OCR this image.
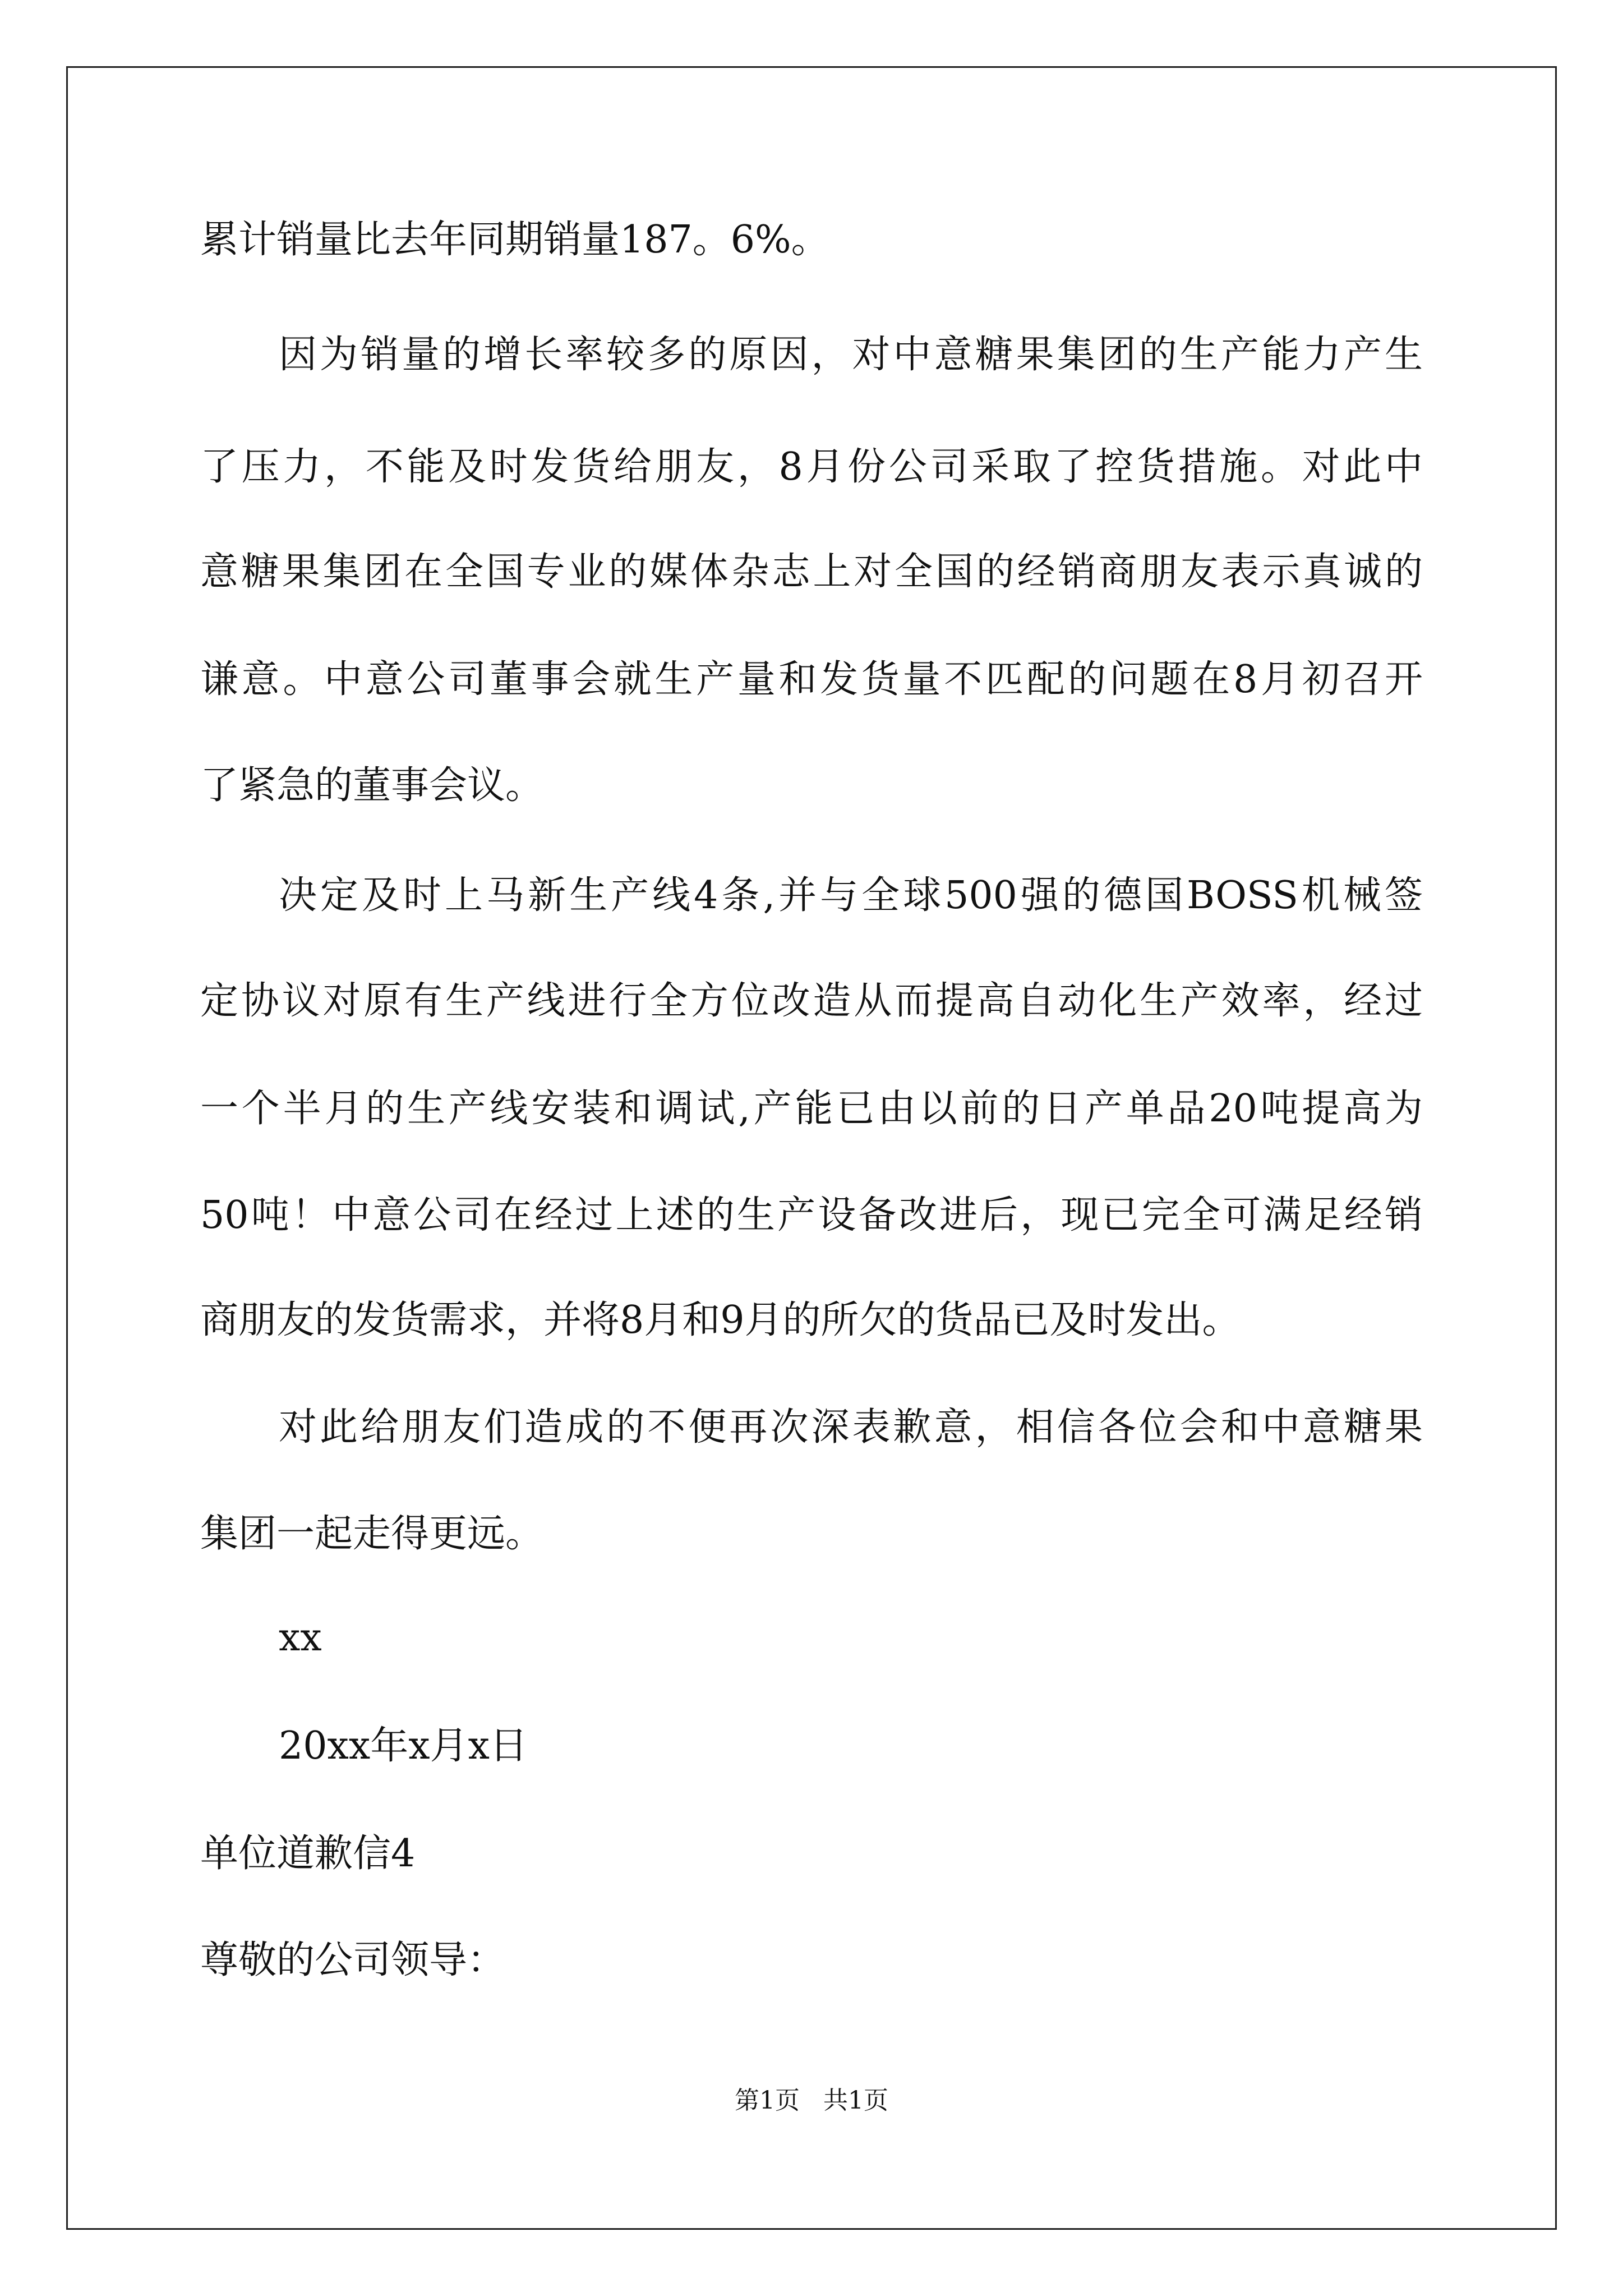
累计销量比去年同期销量187。6%。
因为销量的增长率较多的原因，对中意糖果集团的生产能力产生
了压力，不能及时发货给朋友，8月份公司采取了控货措施。对此中
意糖果集团在全国专业的媒体杂志上对全国的经销商朋友表示真诚的
谦意。中意公司董事会就生产量和发货量不匹配的问题在8月初召开
了紧急的董事会议。
决定及时上马新生产线4条,并与全球500强的德国BOSS机械签
定协议对原有生产线进行全方位改造从而提高自动化生产效率，经过
一个半月的生产线安装和调试,产能已由以前的日产单品20吨提高为
50吨！中意公司在经过上述的生产设备改进后，现已完全可满足经销
商朋友的发货需求，并将8月和9月的所欠的货品已及时发出。
对此给朋友们造成的不便再次深表歉意，相信各位会和中意糖果
集团一起走得更远。
xx
20xx年x月x日
单位道歉信4
尊敬的公司领导：
第1页 共1页
